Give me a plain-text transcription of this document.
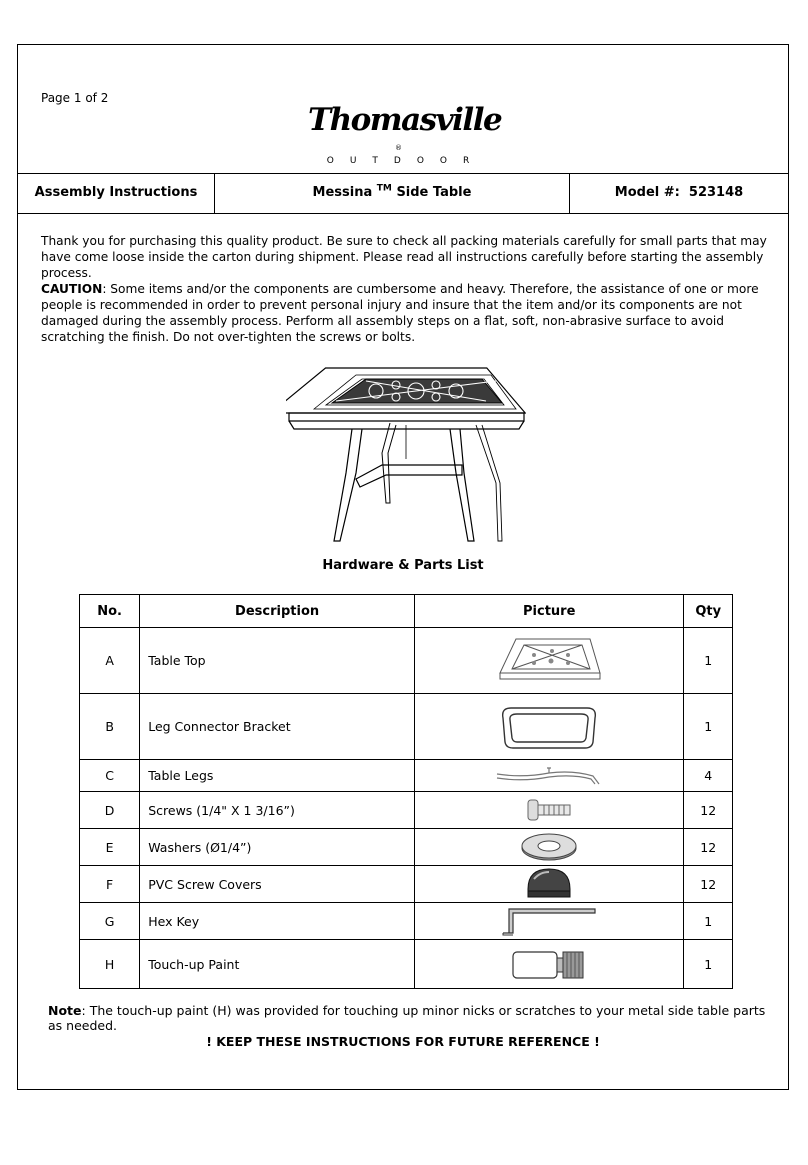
Page 1 of 2
Thomasville®
OUTDOOR
Assembly Instructions	Messina ™ Side Table	Model #: 523148
Thank you for purchasing this quality product. Be sure to check all packing materials carefully for small parts that may have come loose inside the carton during shipment. Please read all instructions carefully before starting the assembly process.
CAUTION: Some items and/or the components are cumbersome and heavy. Therefore, the assistance of one or more people is recommended in order to prevent personal injury and insure that the item and/or its components are not damaged during the assembly process. Perform all assembly steps on a flat, soft, non-abrasive surface to avoid scratching the finish. Do not over-tighten the screws or bolts.
Hardware & Parts List
No.	Description	Picture	Qty
A	Table Top		1
B	Leg Connector Bracket		1
C	Table Legs		4
D	Screws (1/4" X 1 3/16”)		12
E	Washers (Ø1/4”)		12
F	PVC Screw Covers		12
G	Hex Key		1
H	Touch-up Paint		1
Note: The touch-up paint (H) was provided for touching up minor nicks or scratches to your metal side table parts as needed.
! KEEP THESE INSTRUCTIONS FOR FUTURE REFERENCE !
